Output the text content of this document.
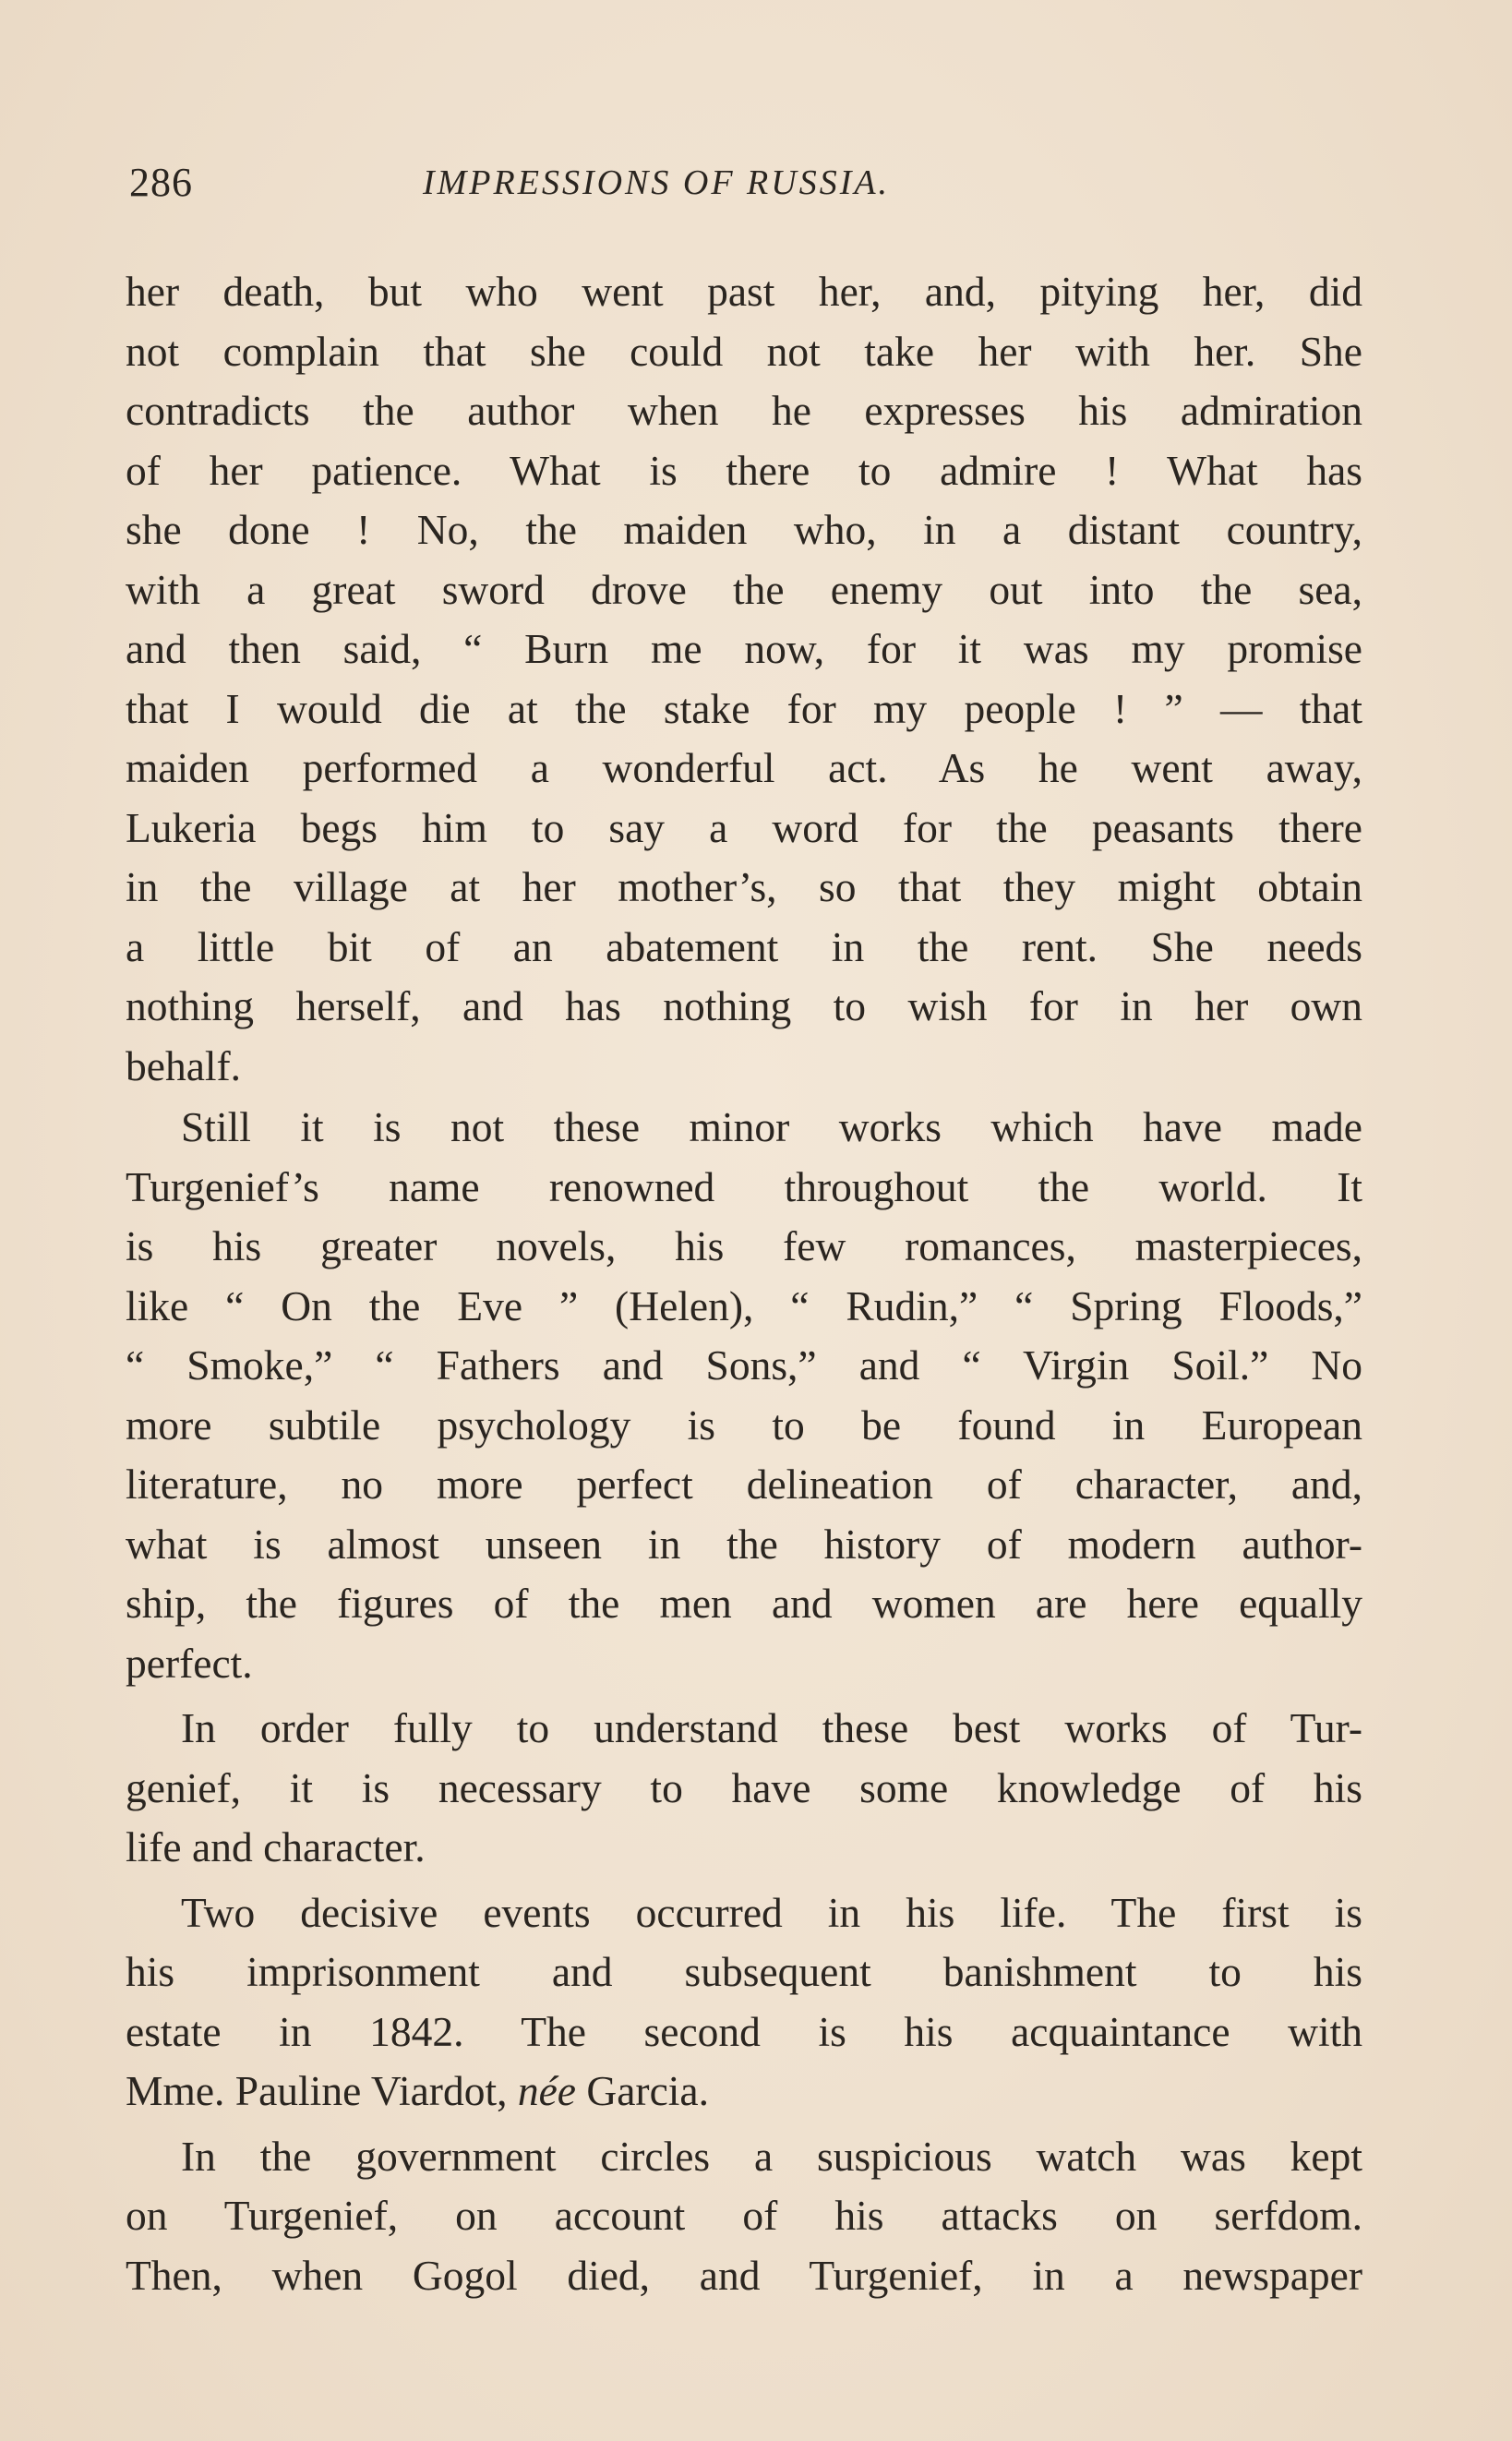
286	IMPRESSIONS OF RUSSIA.
her death, but who went past her, and, pitying her, did
not complain that she could not take her with her. She
contradicts the author when he expresses his admiration
of her patience. What is there to admire ! What has
she done ! No, the maiden who, in a distant country,
with a great sword drove the enemy out into the sea,
and then said, “ Burn me now, for it was my promise
that I would die at the stake for my people ! ” — that
maiden performed a wonderful act. As he went away,
Lukeria begs him to say a word for the peasants there
in the village at her mother’s, so that they might obtain
a little bit of an abatement in the rent. She needs
nothing herself, and has nothing to wish for in her own
behalf.
Still it is not these minor works which have made
Turgenief’s name renowned throughout the world. It
is his greater novels, his few romances, masterpieces,
like “ On the Eve ” (Helen), “ Rudin,” “ Spring Floods,”
“ Smoke,” “ Fathers and Sons,” and “ Virgin Soil.” No
more subtile psychology is to be found in European
literature, no more perfect delineation of character, and,
what is almost unseen in the history of modern author-
ship, the figures of the men and women are here equally
perfect.
In order fully to understand these best works of Tur-
genief, it is necessary to have some knowledge of his
life and character.
Two decisive events occurred in his life. The first is
his imprisonment and subsequent banishment to his
estate in 1842. The second is his acquaintance with
Mme. Pauline Viardot, née Garcia.
In the government circles a suspicious watch was kept
on Turgenief, on account of his attacks on serfdom.
Then, when Gogol died, and Turgenief, in a newspaper
